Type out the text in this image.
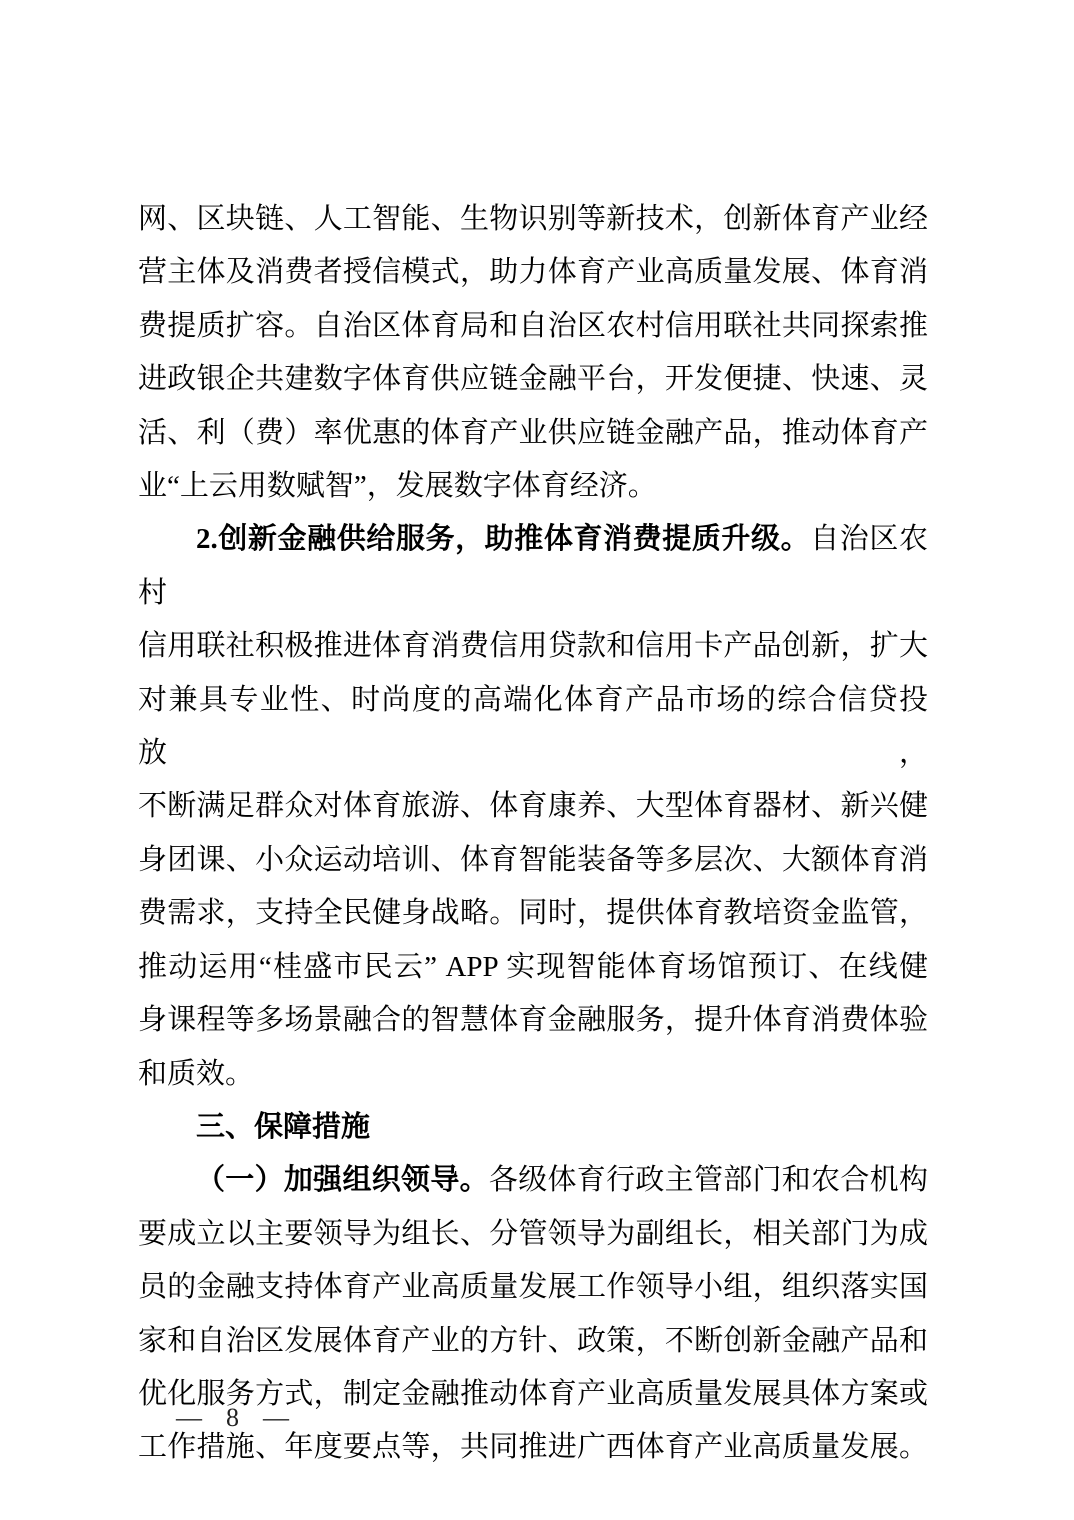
网、区块链、人工智能、生物识别等新技术，创新体育产业经
营主体及消费者授信模式，助力体育产业高质量发展、体育消
费提质扩容。自治区体育局和自治区农村信用联社共同探索推
进政银企共建数字体育供应链金融平台，开发便捷、快速、灵
活、利（费）率优惠的体育产业供应链金融产品，推动体育产
业“上云用数赋智”，发展数字体育经济。
2.创新金融供给服务，助推体育消费提质升级。自治区农村
信用联社积极推进体育消费信用贷款和信用卡产品创新，扩大
对兼具专业性、时尚度的高端化体育产品市场的综合信贷投放，
不断满足群众对体育旅游、体育康养、大型体育器材、新兴健
身团课、小众运动培训、体育智能装备等多层次、大额体育消
费需求，支持全民健身战略。同时，提供体育教培资金监管，
推动运用“桂盛市民云” APP 实现智能体育场馆预订、在线健
身课程等多场景融合的智慧体育金融服务，提升体育消费体验
和质效。
三、保障措施
（一）加强组织领导。各级体育行政主管部门和农合机构
要成立以主要领导为组长、分管领导为副组长，相关部门为成
员的金融支持体育产业高质量发展工作领导小组，组织落实国
家和自治区发展体育产业的方针、政策，不断创新金融产品和
优化服务方式，制定金融推动体育产业高质量发展具体方案或
工作措施、年度要点等，共同推进广西体育产业高质量发展。
— 8 —
